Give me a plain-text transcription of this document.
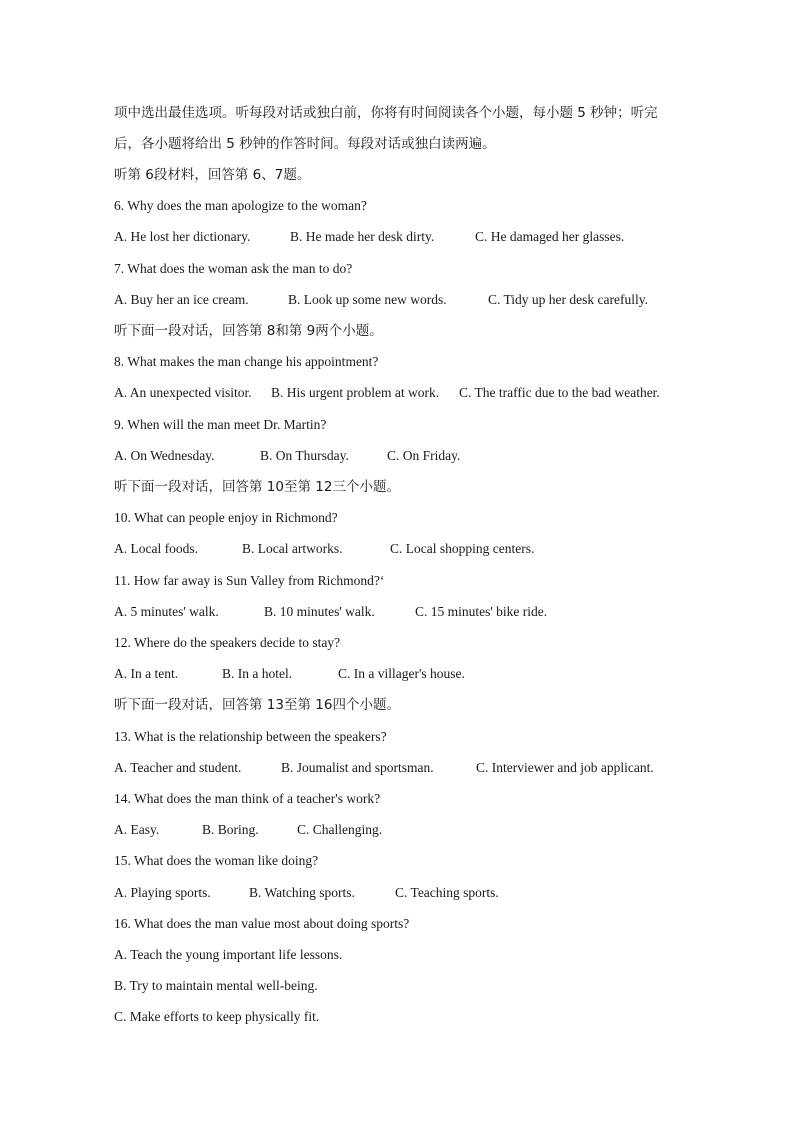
项中选出最佳选项。听每段对话或独白前，你将有时间阅读各个小题，每小题 5 秒钟；听完
后，各小题将给出 5 秒钟的作答时间。每段对话或独白读两遍。
听第 6段材料，回答第 6、7题。
6. Why does the man apologize to the woman?
A. He lost her dictionary.	B. He made her desk dirty.	C. He damaged her glasses.
7. What does the woman ask the man to do?
A. Buy her an ice cream.	B. Look up some new words.	C. Tidy up her desk carefully.
听下面一段对话，回答第 8和第 9两个小题。
8. What makes the man change his appointment?
A. An unexpected visitor. B. His urgent problem at work. C. The traffic due to the bad weather.
9. When will the man meet Dr. Martin?
A. On Wednesday.	B. On Thursday.	C. On Friday.
听下面一段对话，回答第 10至第 12三个小题。
10. What can people enjoy in Richmond?
A. Local foods.	B. Local artworks.	C. Local shopping centers.
11. How far away is Sun Valley from Richmond?‘
A. 5 minutes' walk.	B. 10 minutes' walk.	C. 15 minutes' bike ride.
12. Where do the speakers decide to stay?
A. In a tent.	B. In a hotel.	C. In a villager's house.
听下面一段对话，回答第 13至第 16四个小题。
13. What is the relationship between the speakers?
A. Teacher and student.	B. Joumalist and sportsman.	C. Interviewer and job applicant.
14. What does the man think of a teacher's work?
A. Easy.	B. Boring.	C. Challenging.
15. What does the woman like doing?
A. Playing sports.	B. Watching sports.	C. Teaching sports.
16. What does the man value most about doing sports?
A. Teach the young important life lessons.
B. Try to maintain mental well-being.
C. Make efforts to keep physically fit.
